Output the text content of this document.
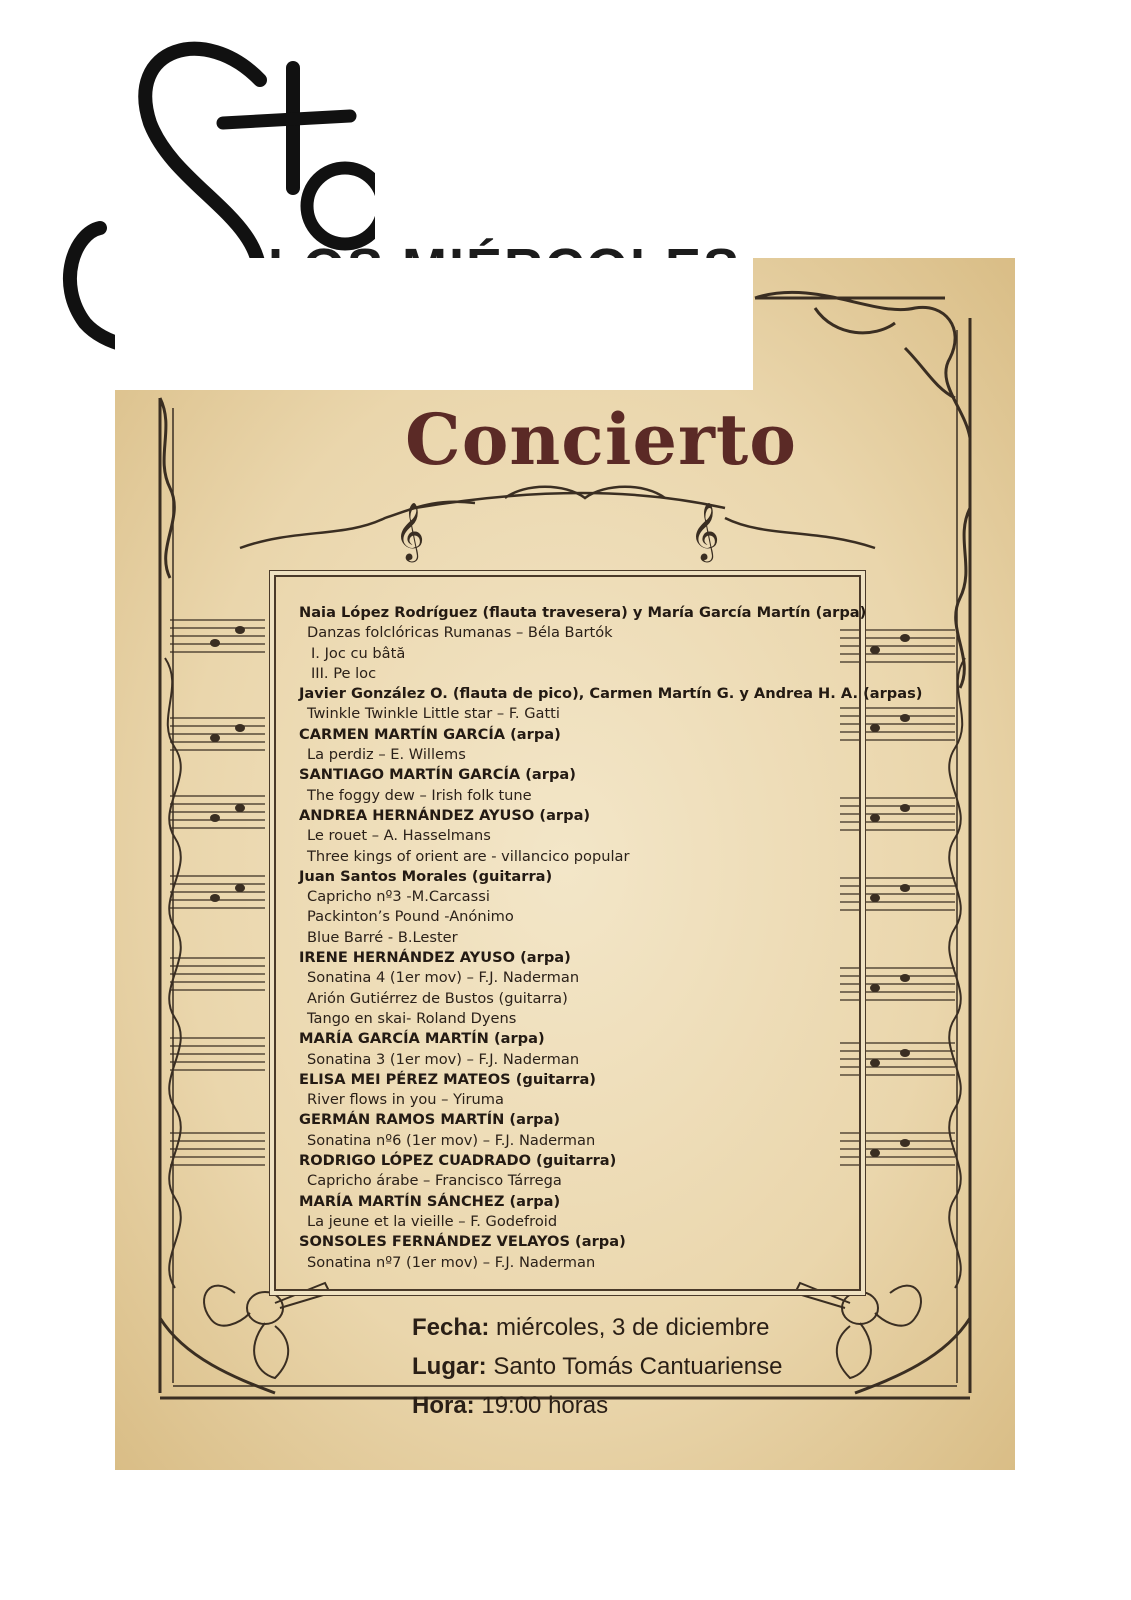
𝄞	𝄞
Concierto
Naia López Rodríguez (flauta travesera) y María García Martín (arpa)
Danzas folclóricas Rumanas – Béla Bartók
I. Joc cu bâtă
III. Pe loc
Javier González O. (flauta de pico), Carmen Martín G. y Andrea H. A. (arpas)
Twinkle Twinkle Little star – F. Gatti
CARMEN MARTÍN GARCÍA (arpa)
La perdiz – E. Willems
SANTIAGO MARTÍN GARCÍA (arpa)
The foggy dew – Irish folk tune
ANDREA HERNÁNDEZ AYUSO (arpa)
Le rouet – A. Hasselmans
Three kings of orient are - villancico popular
Juan Santos Morales (guitarra)
Capricho nº3 -M.Carcassi
Packinton’s Pound -Anónimo
Blue Barré - B.Lester
IRENE HERNÁNDEZ AYUSO (arpa)
Sonatina 4 (1er mov) – F.J. Naderman
Arión Gutiérrez de Bustos (guitarra)
Tango en skai- Roland Dyens
MARÍA GARCÍA MARTÍN (arpa)
Sonatina 3 (1er mov) – F.J. Naderman
ELISA MEI PÉREZ MATEOS (guitarra)
River flows in you – Yiruma
GERMÁN RAMOS MARTÍN (arpa)
Sonatina nº6 (1er mov) – F.J. Naderman
RODRIGO LÓPEZ CUADRADO (guitarra)
Capricho árabe – Francisco Tárrega
MARÍA MARTÍN SÁNCHEZ (arpa)
La jeune et la vieille – F. Godefroid
SONSOLES FERNÁNDEZ VELAYOS (arpa)
Sonatina nº7 (1er mov) – F.J. Naderman
Fecha: miércoles, 3 de diciembre
Lugar: Santo Tomás Cantuariense
Hora: 19:00 horas
